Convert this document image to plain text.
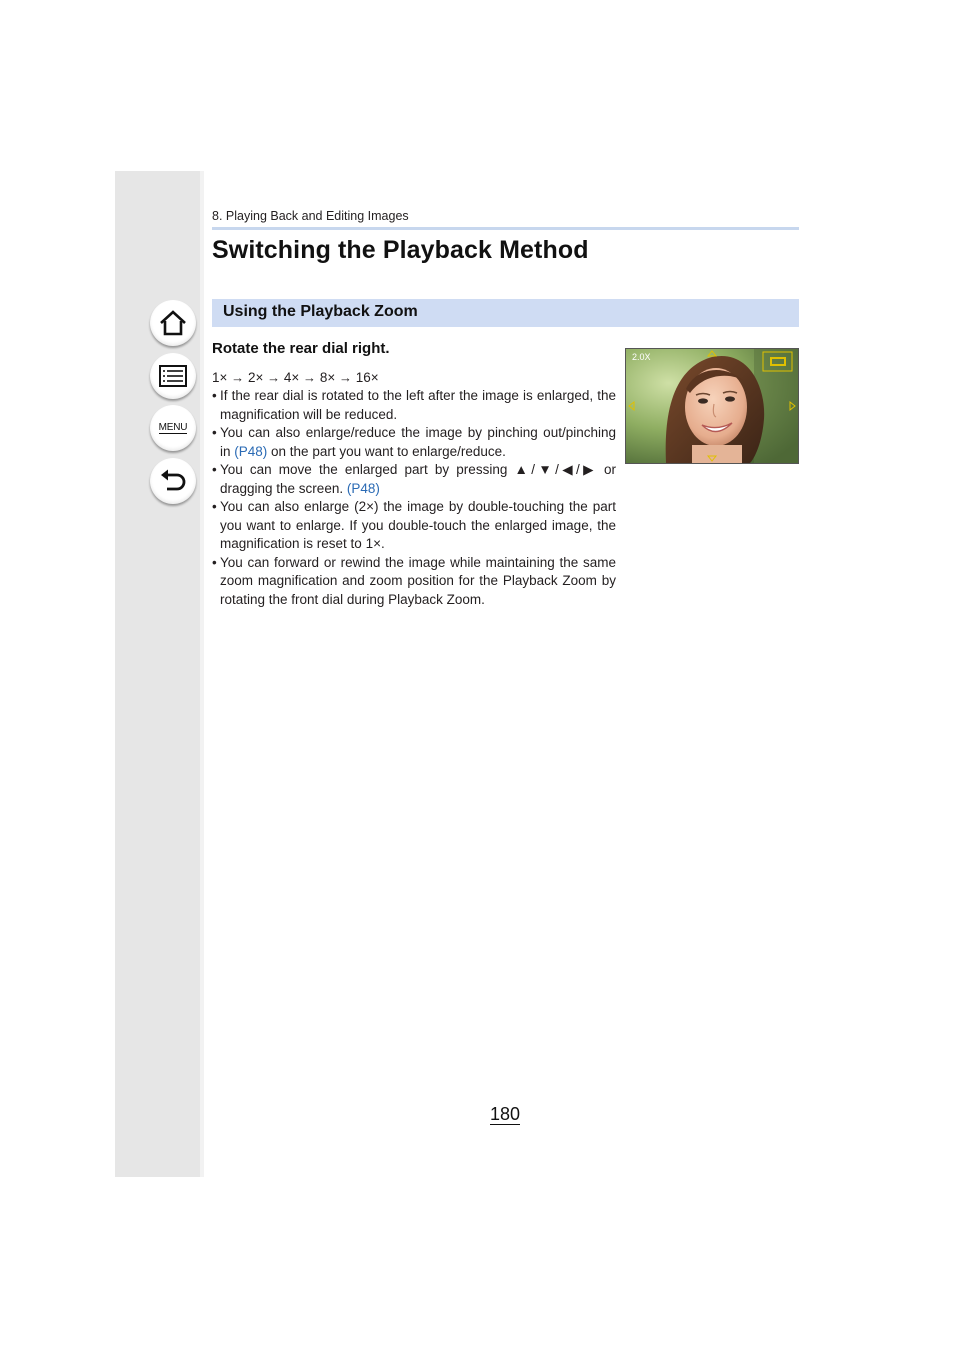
MENU
8. Playing Back and Editing Images
Switching the Playback Method
Using the Playback Zoom
Rotate the rear dial right.
1× → 2× → 4× → 8× → 16×
• If the rear dial is rotated to the left after the image is enlarged, the magnification will be reduced.
• You can also enlarge/reduce the image by pinching out/pinching in (P48) on the part you want to enlarge/reduce.
• You can move the enlarged part by pressing ▲/▼/◀/▶ or dragging the screen. (P48)
• You can also enlarge (2×) the image by double-touching the part you want to enlarge. If you double-touch the enlarged image, the magnification is reset to 1×.
• You can forward or rewind the image while maintaining the same zoom magnification and zoom position for the Playback Zoom by rotating the front dial during Playback Zoom.
2.0X
180
